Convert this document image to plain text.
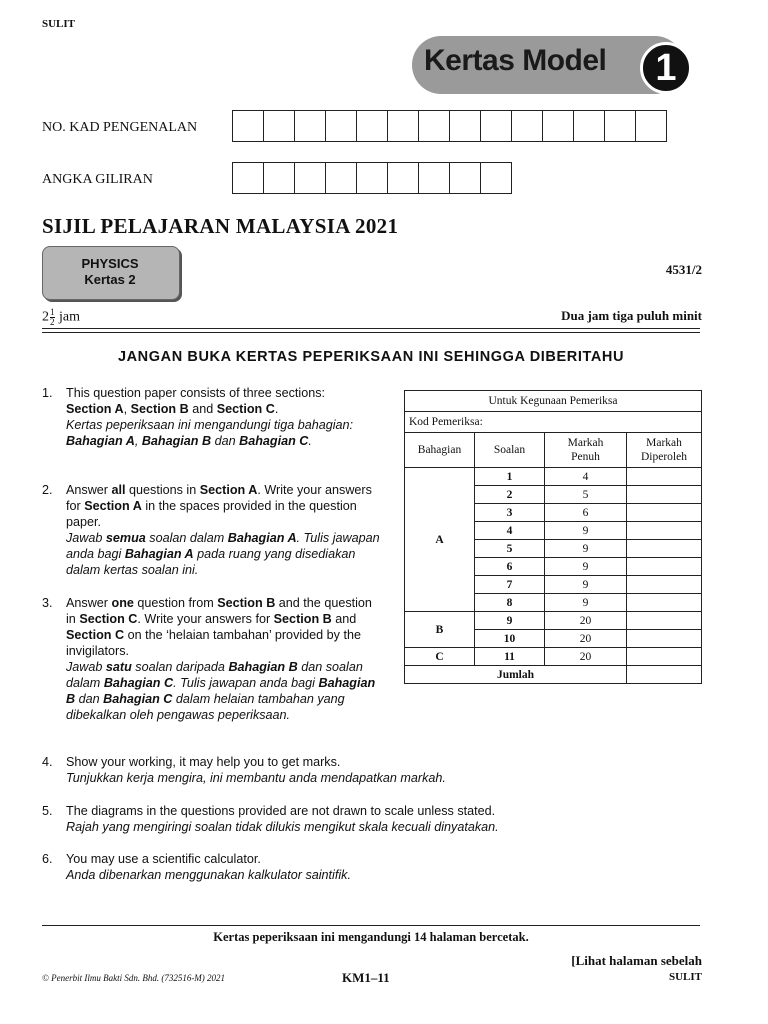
SULIT
Kertas Model	1
NO. KAD PENGENALAN
ANGKA GILIRAN
SIJIL PELAJARAN MALAYSIA 2021
PHYSICS
Kertas 2
4531/2
$2 \frac{1}{2}$ jam	Dua jam tiga puluh minit
JANGAN BUKA KERTAS PEPERIKSAAN INI SEHINGGA DIBERITAHU
1. This question paper consists of three sections:
Section A, Section B and Section C.
Kertas peperiksaan ini mengandungi tiga bahagian: Bahagian A, Bahagian B dan Bahagian C.
2. Answer all questions in Section A. Write your answers for Section A in the spaces provided in the question paper.
Jawab semua soalan dalam Bahagian A. Tulis jawapan anda bagi Bahagian A pada ruang yang disediakan dalam kertas soalan ini.
3. Answer one question from Section B and the question in Section C. Write your answers for Section B and Section C on the ‘helaian tambahan’ provided by the invigilators.
Jawab satu soalan daripada Bahagian B dan soalan dalam Bahagian C. Tulis jawapan anda bagi Bahagian B dan Bahagian C dalam helaian tambahan yang dibekalkan oleh pengawas peperiksaan.
4. Show your working, it may help you to get marks.
Tunjukkan kerja mengira, ini membantu anda mendapatkan markah.
5. The diagrams in the questions provided are not drawn to scale unless stated.
Rajah yang mengiringi soalan tidak dilukis mengikut skala kecuali dinyatakan.
6. You may use a scientific calculator.
Anda dibenarkan menggunakan kalkulator saintifik.
Untuk Kegunaan Pemeriksa			
Kod Pemeriksa:			
Bahagian	Soalan	Markah
Penuh	Markah
Diperoleh
A	1	4	
	2	5	
	3	6	
	4	9	
	5	9	
	6	9	
	7	9	
	8	9	
B	9	20	
	10	20	
C	11	20	
Jumlah			
Kertas peperiksaan ini mengandungi 14 halaman bercetak.
[Lihat halaman sebelah
© Penerbit Ilmu Bakti Sdn. Bhd. (732516-M) 2021	KM1–11	SULIT
